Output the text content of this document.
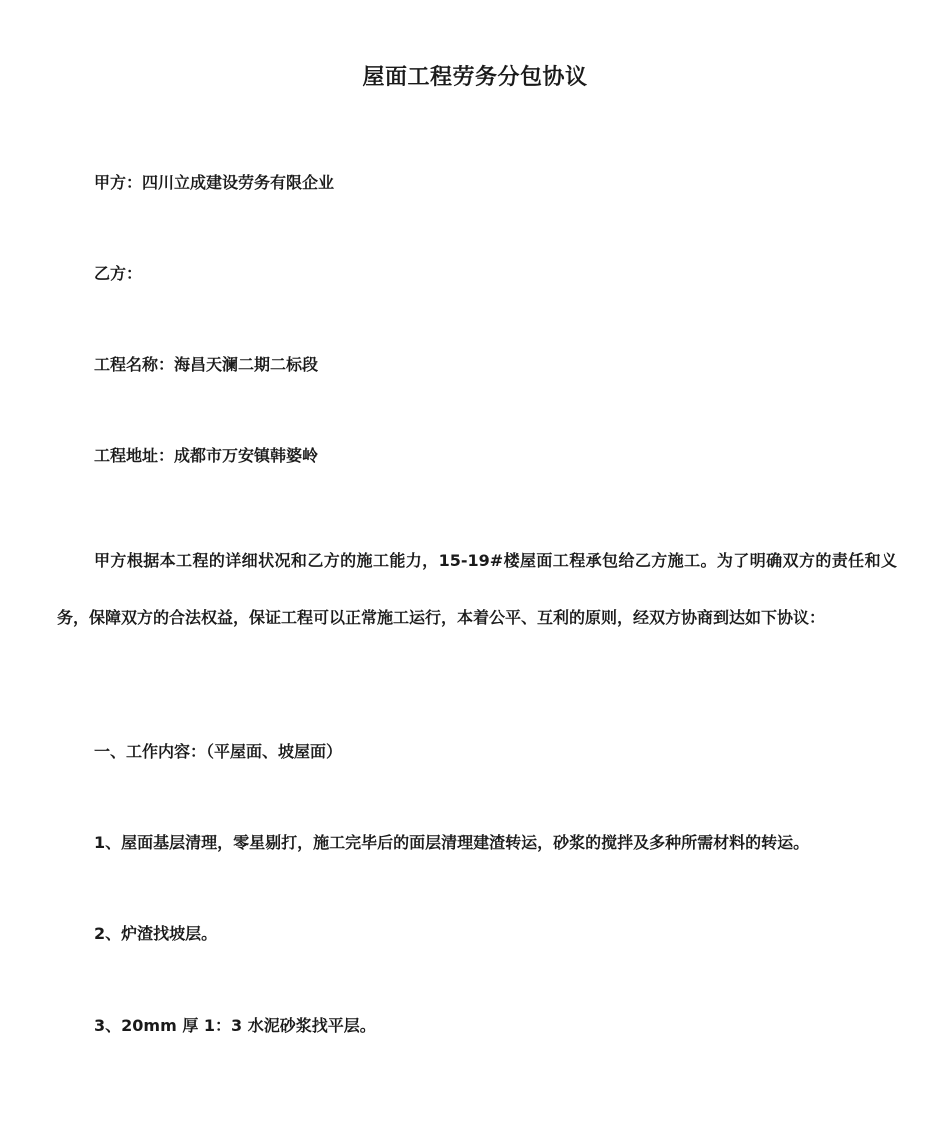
屋面工程劳务分包协议
甲方：四川立成建设劳务有限企业
乙方：
工程名称：海昌天澜二期二标段
工程地址：成都市万安镇韩婆岭
甲方根据本工程的详细状况和乙方的施工能力，15-19#楼屋面工程承包给乙方施工。为了明确双方的责任和义务，保障双方的合法权益，保证工程可以正常施工运行，本着公平、互利的原则，经双方协商到达如下协议：
一、工作内容：（平屋面、坡屋面）
1、屋面基层清理，零星剔打，施工完毕后的面层清理建渣转运，砂浆的搅拌及多种所需材料的转运。
2、炉渣找坡层。
3、20mm 厚 1：3 水泥砂浆找平层。
